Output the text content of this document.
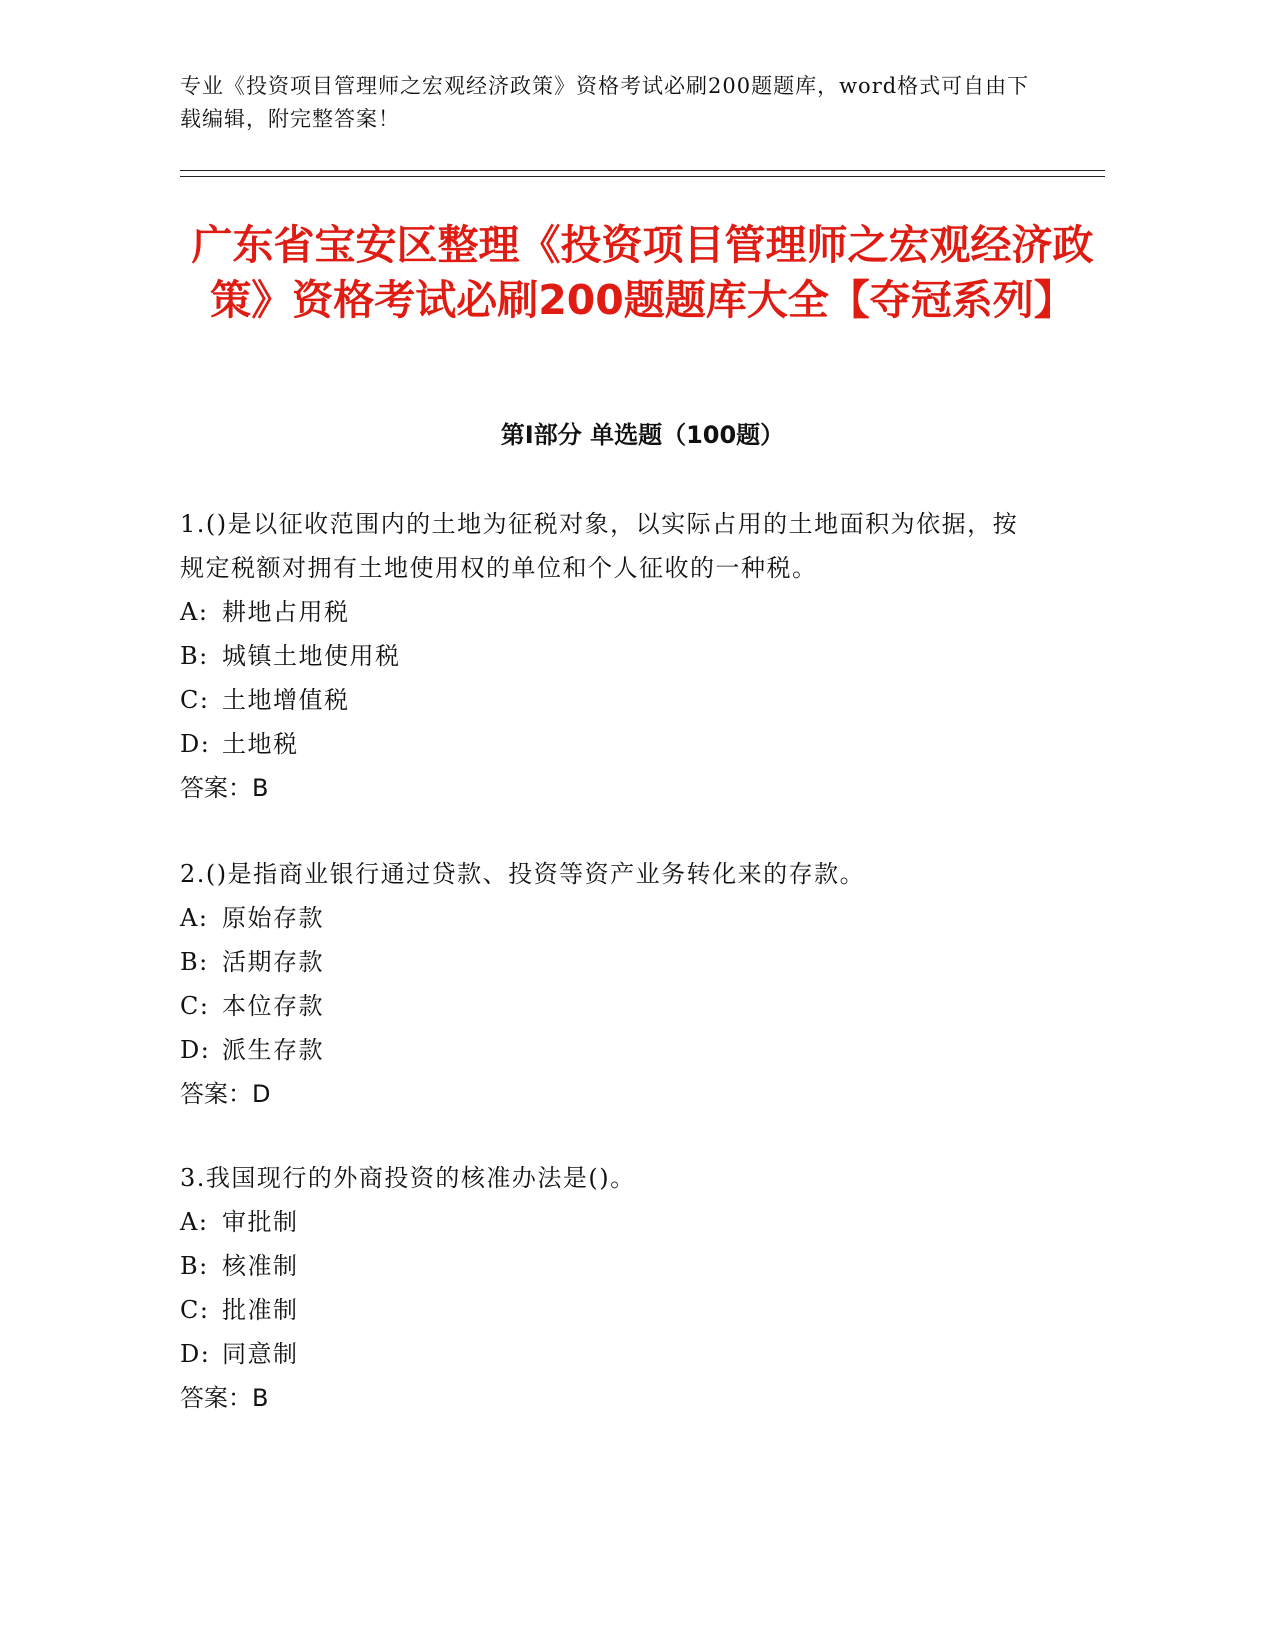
专业《投资项目管理师之宏观经济政策》资格考试必刷200题题库，word格式可自由下载编辑，附完整答案！
广东省宝安区整理《投资项目管理师之宏观经济政策》资格考试必刷200题题库大全【夺冠系列】
第I部分 单选题（100题）
1.()是以征收范围内的土地为征税对象，以实际占用的土地面积为依据，按规定税额对拥有土地使用权的单位和个人征收的一种税。
A: 耕地占用税
B: 城镇土地使用税
C: 土地增值税
D: 土地税
答案：B
2.()是指商业银行通过贷款、投资等资产业务转化来的存款。
A: 原始存款
B: 活期存款
C: 本位存款
D: 派生存款
答案：D
3.我国现行的外商投资的核准办法是()。
A: 审批制
B: 核准制
C: 批准制
D: 同意制
答案：B
